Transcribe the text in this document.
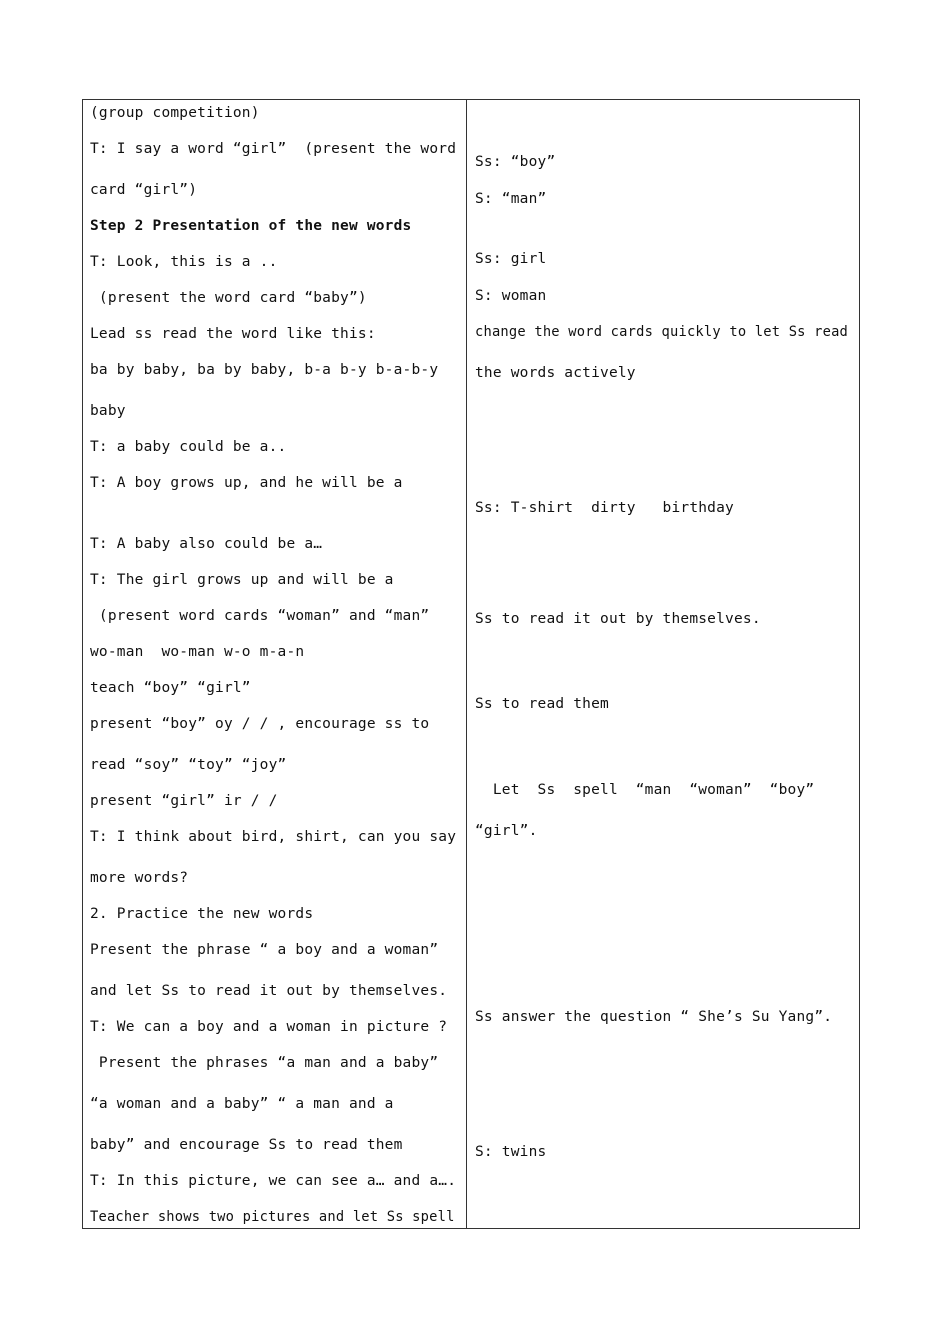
(group competition)
T: I say a word “girl”  (present the word
card “girl”)
Step 2 Presentation of the new words
T: Look, this is a ..
(present the word card “baby”)
Lead ss read the word like this:
ba by baby, ba by baby, b-a b-y b-a-b-y
baby
T: a baby could be a..
T: A boy grows up, and he will be a
T: A baby also could be a…
T: The girl grows up and will be a
(present word cards “woman” and “man”
wo-man  wo-man w-o m-a-n
teach “boy” “girl”
present “boy” oy / / , encourage ss to
read “soy” “toy” “joy”
present “girl” ir / /
T: I think about bird, shirt, can you say
more words?
2. Practice the new words
Present the phrase “ a boy and a woman”
and let Ss to read it out by themselves.
T: We can a boy and a woman in picture ?
Present the phrases “a man and a baby”
“a woman and a baby” “ a man and a
baby” and encourage Ss to read them
T: In this picture, we can see a… and a….
Teacher shows two pictures and let Ss spell
Ss: “boy”
S: “man”
Ss: girl
S: woman
change the word cards quickly to let Ss read
the words actively
Ss: T-shirt  dirty   birthday
Ss to read it out by themselves.
Ss to read them
Let  Ss  spell  “man  “woman”  “boy”
“girl”.
Ss answer the question “ She’s Su Yang”.
S: twins
